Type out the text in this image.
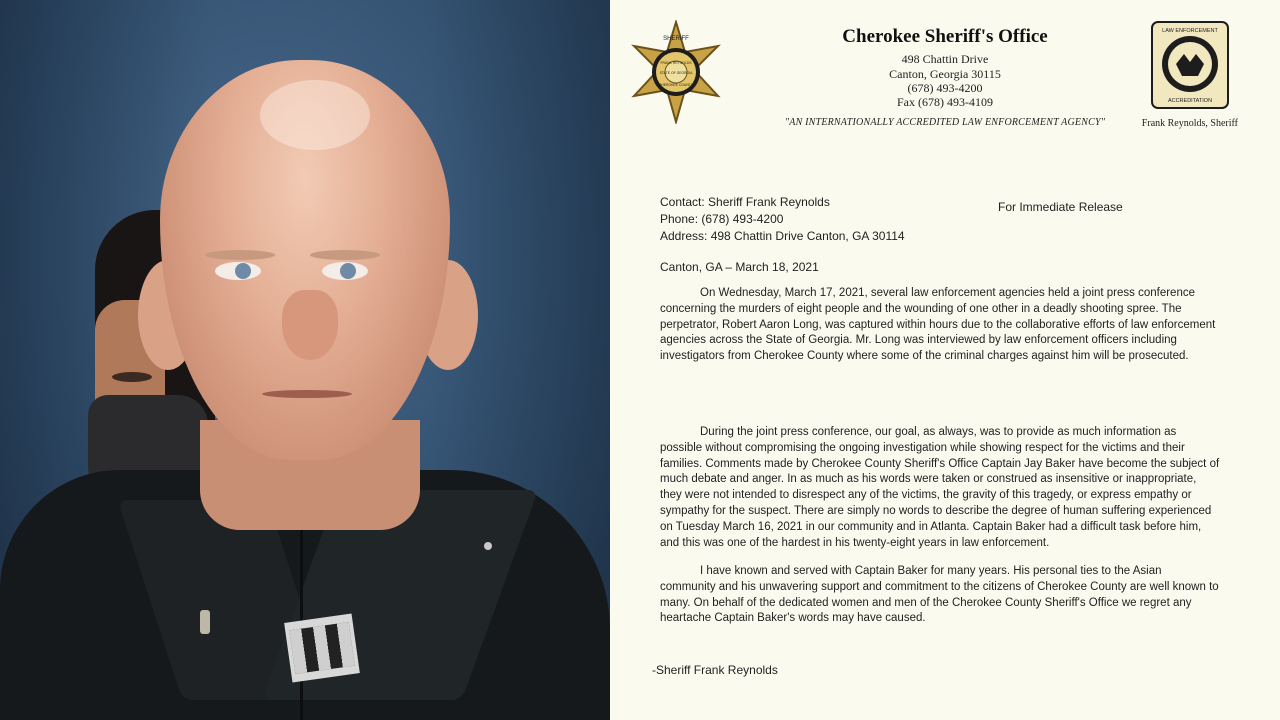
SHERIFF
FRANK REYNOLDS
STATE OF GEORGIA
CHEROKEE COUNTY
Cherokee Sheriff's Office
498 Chattin Drive
Canton, Georgia 30115
(678) 493-4200
Fax (678) 493-4109
"AN INTERNATIONALLY ACCREDITED LAW ENFORCEMENT AGENCY"
LAW ENFORCEMENT
ACCREDITATION
Frank Reynolds, Sheriff
Contact: Sheriff Frank Reynolds
Phone: (678) 493-4200
Address: 498 Chattin Drive Canton, GA 30114
For Immediate Release
Canton, GA – March 18, 2021

On Wednesday, March 17, 2021, several law enforcement agencies held a joint press conference concerning the murders of eight people and the wounding of one other in a deadly shooting spree. The perpetrator, Robert Aaron Long, was captured within hours due to the collaborative efforts of law enforcement agencies across the State of Georgia. Mr. Long was interviewed by law enforcement officers including investigators from Cherokee County where some of the criminal charges against him will be prosecuted.

During the joint press conference, our goal, as always, was to provide as much information as possible without compromising the ongoing investigation while showing respect for the victims and their families. Comments made by Cherokee County Sheriff's Office Captain Jay Baker have become the subject of much debate and anger. In as much as his words were taken or construed as insensitive or inappropriate, they were not intended to disrespect any of the victims, the gravity of this tragedy, or express empathy or sympathy for the suspect. There are simply no words to describe the degree of human suffering experienced on Tuesday March 16, 2021 in our community and in Atlanta. Captain Baker had a difficult task before him, and this was one of the hardest in his twenty-eight years in law enforcement.

I have known and served with Captain Baker for many years. His personal ties to the Asian community and his unwavering support and commitment to the citizens of Cherokee County are well known to many. On behalf of the dedicated women and men of the Cherokee County Sheriff's Office we regret any heartache Captain Baker's words may have caused.

-Sheriff Frank Reynolds
